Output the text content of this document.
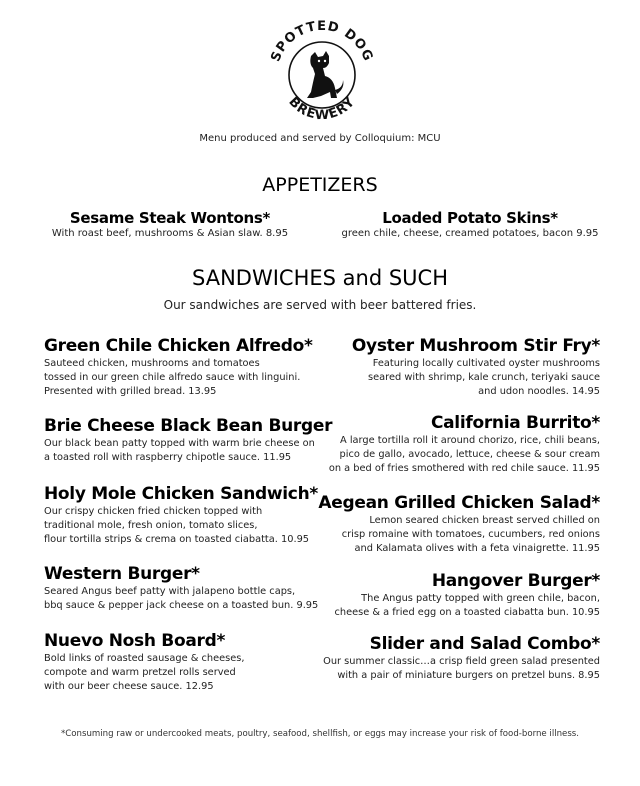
SPOTTED DOG
BREWERY
Menu produced and served by Colloquium: MCU
APPETIZERS
Sesame Steak Wontons*
With roast beef, mushrooms & Asian slaw. 8.95
Loaded Potato Skins*
green chile, cheese, creamed potatoes, bacon 9.95
SANDWICHES and SUCH
Our sandwiches are served with beer battered fries.
Green Chile Chicken Alfredo*
Sauteed chicken, mushrooms and tomatoes
tossed in our green chile alfredo sauce with linguini.
Presented with grilled bread. 13.95
Brie Cheese Black Bean Burger
Our black bean patty topped with warm brie cheese on
a toasted roll with raspberry chipotle sauce. 11.95
Holy Mole Chicken Sandwich*
Our crispy chicken fried chicken topped with
traditional mole, fresh onion, tomato slices,
flour tortilla strips & crema on toasted ciabatta. 10.95
Western Burger*
Seared Angus beef patty with jalapeno bottle caps,
bbq sauce & pepper jack cheese on a toasted bun. 9.95
Nuevo Nosh Board*
Bold links of roasted sausage & cheeses,
compote and warm pretzel rolls served
with our beer cheese sauce. 12.95
Oyster Mushroom Stir Fry*
Featuring locally cultivated oyster mushrooms
seared with shrimp, kale crunch, teriyaki sauce
and udon noodles. 14.95
California Burrito*
A large tortilla roll it around chorizo, rice, chili beans,
pico de gallo, avocado, lettuce, cheese & sour cream
on a bed of fries smothered with red chile sauce. 11.95
Aegean Grilled Chicken Salad*
Lemon seared chicken breast served chilled on
crisp romaine with tomatoes, cucumbers, red onions
and Kalamata olives with a feta vinaigrette. 11.95
Hangover Burger*
The Angus patty topped with green chile, bacon,
cheese & a fried egg on a toasted ciabatta bun. 10.95
Slider and Salad Combo*
Our summer classic…a crisp field green salad presented
with a pair of miniature burgers on pretzel buns. 8.95
*Consuming raw or undercooked meats, poultry, seafood, shellfish, or eggs may increase your risk of food-borne illness.
